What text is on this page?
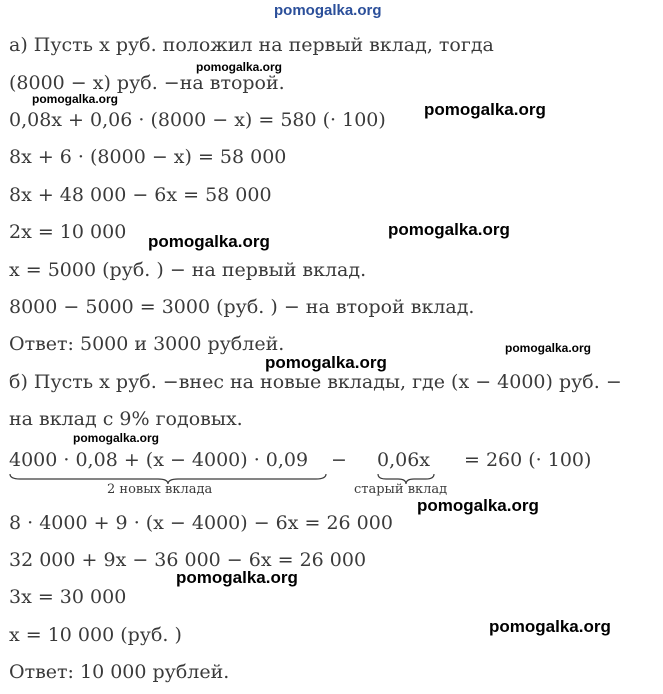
pomogalka.org
pomogalka.org
pomogalka.org
pomogalka.org
pomogalka.org
pomogalka.org
pomogalka.org
pomogalka.org
pomogalka.org
pomogalka.org
pomogalka.org
pomogalka.org
а) Пусть x руб. положил на первый вклад, тогда
(8000 − x) руб. −на второй.
0,08x + 0,06 · (8000 − x) = 580 (· 100)
8x + 6 · (8000 − x) = 58 000
8x + 48 000 − 6x = 58 000
2x = 10 000
x = 5000 (руб. ) − на первый вклад.
8000 − 5000 = 3000 (руб. ) − на второй вклад.
Ответ: 5000 и 3000 рублей.
б) Пусть x руб. −внес на новые вклады, где (x − 4000) руб. −
на вклад с 9% годовых.
4000 · 0,08 + (x − 4000) · 0,09 − 0,06x = 260 (· 100)
2 новых вклада	старый вклад
8 · 4000 + 9 · (x − 4000) − 6x = 26 000
32 000 + 9x − 36 000 − 6x = 26 000
3x = 30 000
x = 10 000 (руб. )
Ответ: 10 000 рублей.
